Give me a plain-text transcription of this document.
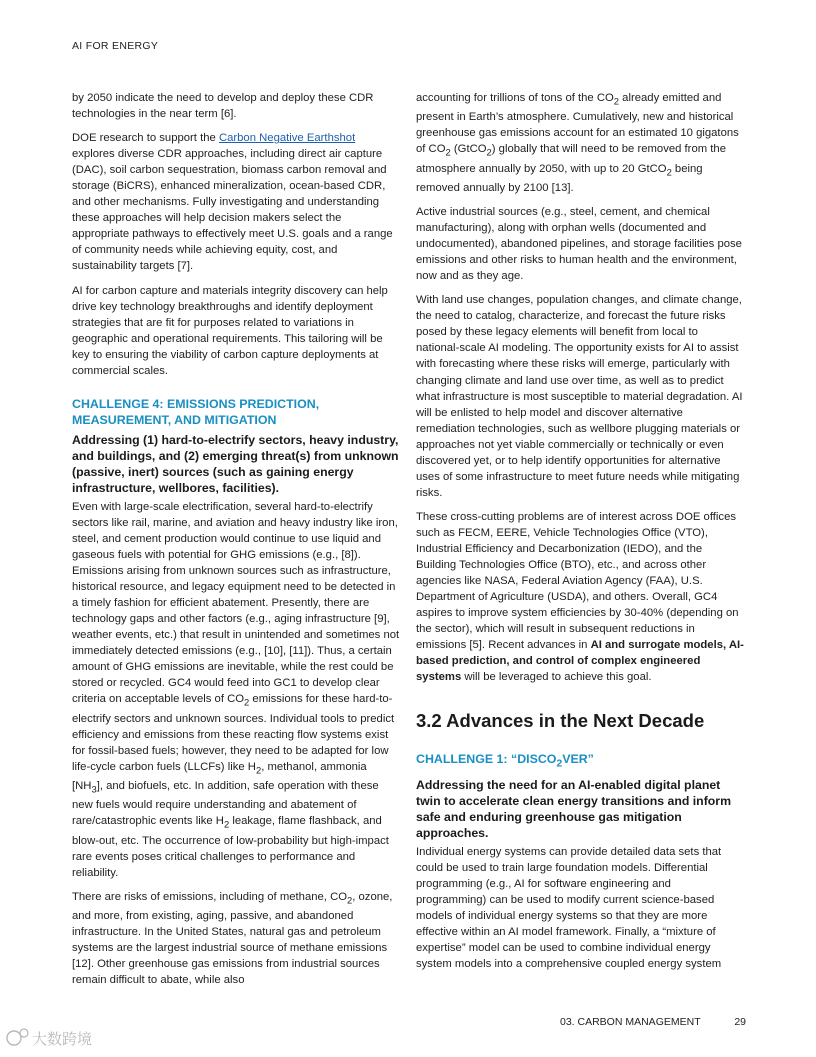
AI FOR ENERGY

by 2050 indicate the need to develop and deploy these CDR technologies in the near term [6].

DOE research to support the Carbon Negative Earthshot explores diverse CDR approaches, including direct air capture (DAC), soil carbon sequestration, biomass carbon removal and storage (BiCRS), enhanced mineralization, ocean-based CDR, and other mechanisms. Fully investigating and understanding these approaches will help decision makers select the appropriate pathways to effectively meet U.S. goals and a range of community needs while achieving equity, cost, and sustainability targets [7].

AI for carbon capture and materials integrity discovery can help drive key technology breakthroughs and identify deployment strategies that are fit for purposes related to variations in geographic and operational requirements. This tailoring will be key to ensuring the viability of carbon capture deployments at commercial scales.

CHALLENGE 4: EMISSIONS PREDICTION, MEASUREMENT, AND MITIGATION
Addressing (1) hard-to-electrify sectors, heavy industry, and buildings, and (2) emerging threat(s) from unknown (passive, inert) sources (such as gaining energy infrastructure, wellbores, facilities).

Even with large-scale electrification, several hard-to-electrify sectors like rail, marine, and aviation and heavy industry like iron, steel, and cement production would continue to use liquid and gaseous fuels with potential for GHG emissions (e.g., [8]). Emissions arising from unknown sources such as infrastructure, historical resource, and legacy equipment need to be detected in a timely fashion for efficient abatement. Presently, there are technology gaps and other factors (e.g., aging infrastructure [9], weather events, etc.) that result in unintended and sometimes not immediately detected emissions (e.g., [10], [11]). Thus, a certain amount of GHG emissions are inevitable, while the rest could be stored or recycled. GC4 would feed into GC1 to develop clear criteria on acceptable levels of $CO_2$ emissions for these hard-to-electrify sectors and unknown sources. Individual tools to predict efficiency and emissions from these reacting flow systems exist for fossil-based fuels; however, they need to be adapted for low life-cycle carbon fuels (LLCFs) like $H_2$, methanol, ammonia $[NH_3]$, and biofuels, etc. In addition, safe operation with these new fuels would require understanding and abatement of rare/catastrophic events like $H_2$ leakage, flame flashback, and blow-out, etc. The occurrence of low-probability but high-impact rare events poses critical challenges to performance and reliability.

There are risks of emissions, including of methane, $CO_2$, ozone, and more, from existing, aging, passive, and abandoned infrastructure. In the United States, natural gas and petroleum systems are the largest industrial source of methane emissions [12]. Other greenhouse gas emissions from industrial sources remain difficult to abate, while also

accounting for trillions of tons of the $CO_2$ already emitted and present in Earth’s atmosphere. Cumulatively, new and historical greenhouse gas emissions account for an estimated 10 gigatons of $CO_2$ (GtCO$_2$) globally that will need to be removed from the atmosphere annually by 2050, with up to 20 GtCO$_2$ being removed annually by 2100 [13].

Active industrial sources (e.g., steel, cement, and chemical manufacturing), along with orphan wells (documented and undocumented), abandoned pipelines, and storage facilities pose emissions and other risks to human health and the environment, now and as they age.

With land use changes, population changes, and climate change, the need to catalog, characterize, and forecast the future risks posed by these legacy elements will benefit from local to national-scale AI modeling. The opportunity exists for AI to assist with forecasting where these risks will emerge, particularly with changing climate and land use over time, as well as to predict what infrastructure is most susceptible to material degradation. AI will be enlisted to help model and discover alternative remediation technologies, such as wellbore plugging materials or approaches not yet viable commercially or technically or even discovered yet, or to help identify opportunities for alternative uses of some infrastructure to meet future needs while mitigating risks.

These cross-cutting problems are of interest across DOE offices such as FECM, EERE, Vehicle Technologies Office (VTO), Industrial Efficiency and Decarbonization (IEDO), and the Building Technologies Office (BTO), etc., and across other agencies like NASA, Federal Aviation Agency (FAA), U.S. Department of Agriculture (USDA), and others. Overall, GC4 aspires to improve system efficiencies by 30-40% (depending on the sector), which will result in subsequent reductions in emissions [5]. Recent advances in AI and surrogate models, AI-based prediction, and control of complex engineered systems will be leveraged to achieve this goal.

3.2 Advances in the Next Decade
CHALLENGE 1: “$DISCO_2VER$”
Addressing the need for an AI-enabled digital planet twin to accelerate clean energy transitions and inform safe and enduring greenhouse gas mitigation approaches.

Individual energy systems can provide detailed data sets that could be used to train large foundation models. Differential programming (e.g., AI for software engineering and programming) can be used to modify current science-based models of individual energy systems so that they are more effective within an AI model framework. Finally, a “mixture of expertise” model can be used to combine individual energy system models into a comprehensive coupled energy system

03. CARBON MANAGEMENT	29
大数跨境
